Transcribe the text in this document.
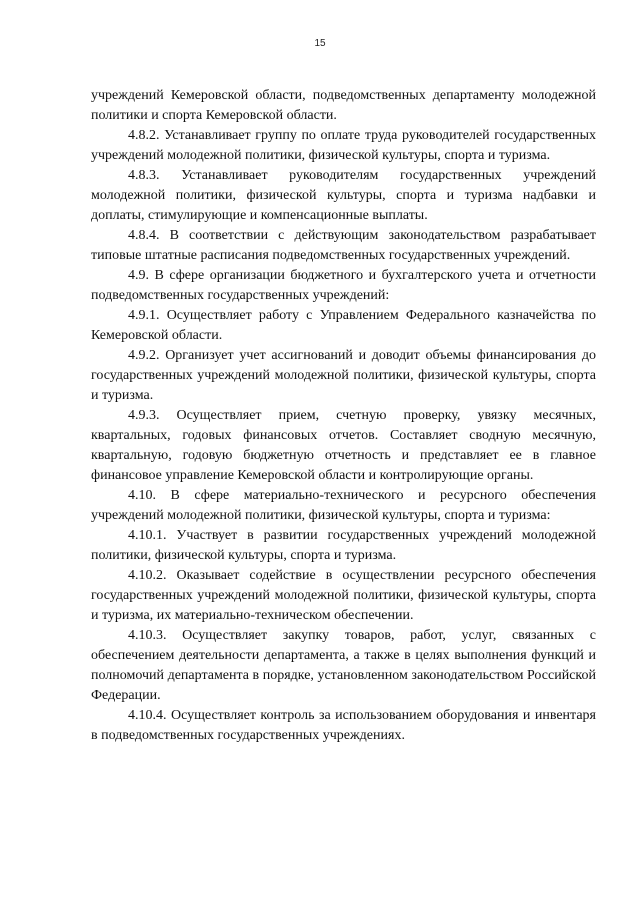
15

учреждений Кемеровской области, подведомственных департаменту молодежной политики и спорта Кемеровской области.

4.8.2. Устанавливает группу по оплате труда руководителей государственных учреждений молодежной политики, физической культуры, спорта и туризма.

4.8.3. Устанавливает руководителям государственных учреждений молодежной политики, физической культуры, спорта и туризма надбавки и доплаты, стимулирующие и компенсационные выплаты.

4.8.4. В соответствии с действующим законодательством разрабатывает типовые штатные расписания подведомственных государственных учреждений.

4.9. В сфере организации бюджетного и бухгалтерского учета и отчетности подведомственных государственных учреждений:

4.9.1. Осуществляет работу с Управлением Федерального казначейства по Кемеровской области.

4.9.2. Организует учет ассигнований и доводит объемы финансирования до государственных учреждений молодежной политики, физической культуры, спорта и туризма.

4.9.3. Осуществляет прием, счетную проверку, увязку месячных, квартальных, годовых финансовых отчетов. Составляет сводную месячную, квартальную, годовую бюджетную отчетность и представляет ее в главное финансовое управление Кемеровской области и контролирующие органы.

4.10. В сфере материально-технического и ресурсного обеспечения учреждений молодежной политики, физической культуры, спорта и туризма:

4.10.1. Участвует в развитии государственных учреждений молодежной политики, физической культуры, спорта и туризма.

4.10.2. Оказывает содействие в осуществлении ресурсного обеспечения государственных учреждений молодежной политики, физической культуры, спорта и туризма, их материально-техническом обеспечении.

4.10.3. Осуществляет закупку товаров, работ, услуг, связанных с обеспечением деятельности департамента, а также в целях выполнения функций и полномочий департамента в порядке, установленном законодательством Российской Федерации.

4.10.4. Осуществляет контроль за использованием оборудования и инвентаря в подведомственных государственных учреждениях.
